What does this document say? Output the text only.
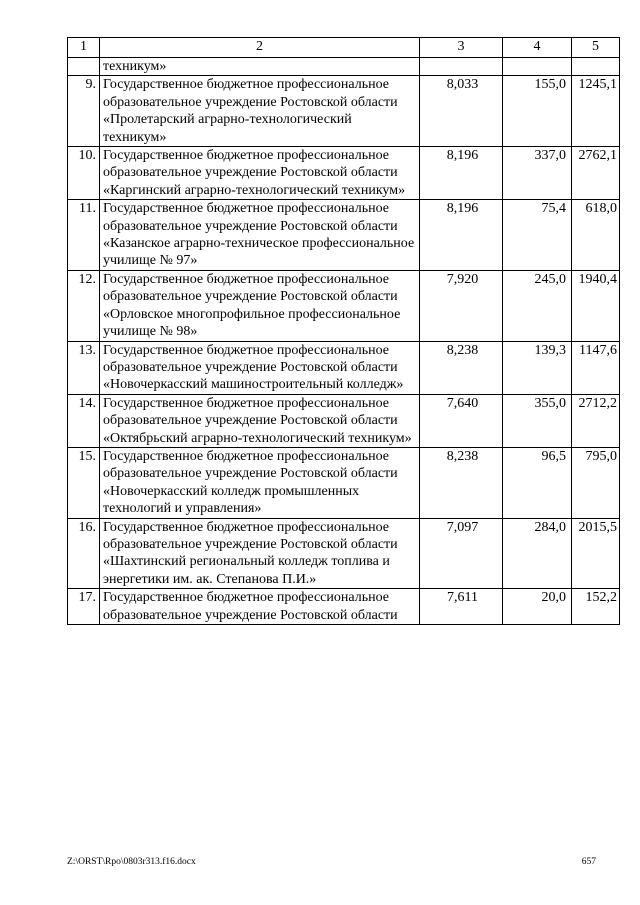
1	2	3	4	5
	техникум»			
9.	Государственное бюджетное профессиональное образовательное учреждение Ростовской области «Пролетарский аграрно-технологический техникум»	8,033	155,0	1245,1
10.	Государственное бюджетное профессиональное образовательное учреждение Ростовской области «Каргинский аграрно-технологический техникум»	8,196	337,0	2762,1
11.	Государственное бюджетное профессиональное образовательное учреждение Ростовской области «Казанское аграрно-техническое профессиональное училище № 97»	8,196	75,4	618,0
12.	Государственное бюджетное профессиональное образовательное учреждение Ростовской области «Орловское многопрофильное профессиональное училище № 98»	7,920	245,0	1940,4
13.	Государственное бюджетное профессиональное образовательное учреждение Ростовской области «Новочеркасский машиностроительный колледж»	8,238	139,3	1147,6
14.	Государственное бюджетное профессиональное образовательное учреждение Ростовской области «Октябрьский аграрно-технологический техникум»	7,640	355,0	2712,2
15.	Государственное бюджетное профессиональное образовательное учреждение Ростовской области «Новочеркасский колледж промышленных технологий и управления»	8,238	96,5	795,0
16.	Государственное бюджетное профессиональное образовательное учреждение Ростовской области «Шахтинский региональный колледж топлива и энергетики им. ак. Степанова П.И.»	7,097	284,0	2015,5
17.	Государственное бюджетное профессиональное образовательное учреждение Ростовской области	7,611	20,0	152,2
Z:\ORST\Rpo\0803r313.f16.docx	657
